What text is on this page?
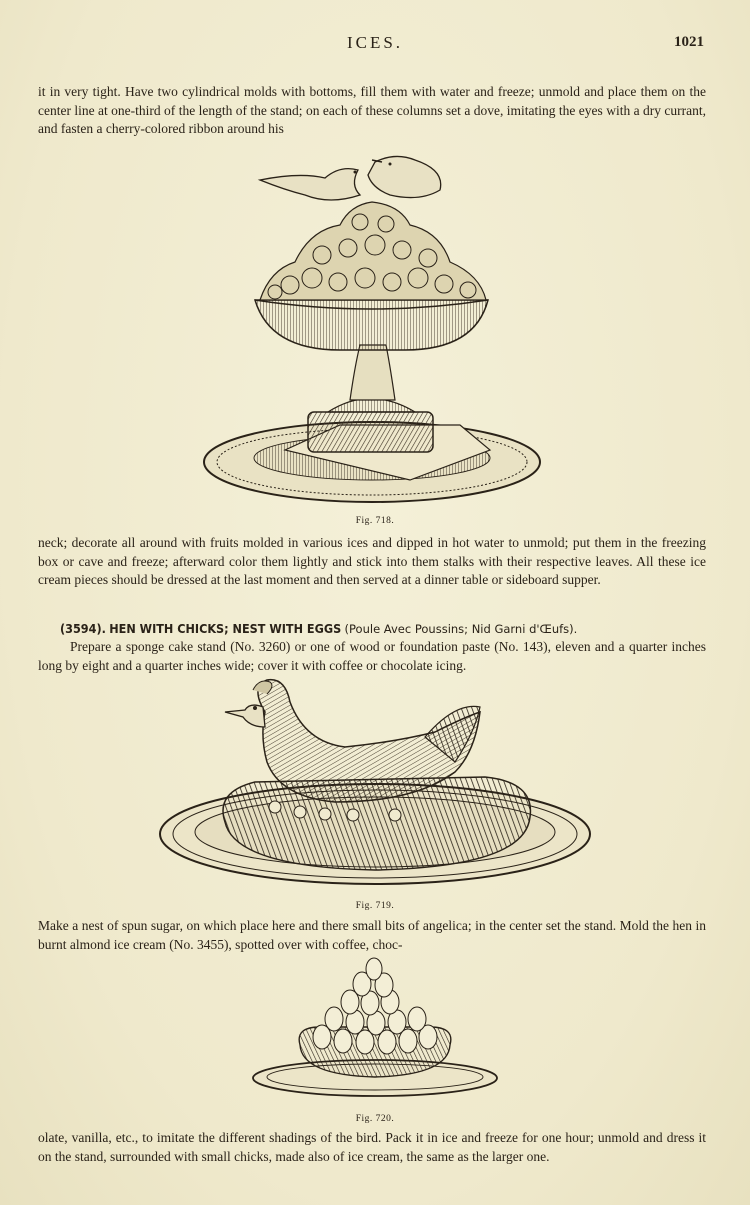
ICES.	1021

it in very tight. Have two cylindrical molds with bottoms, fill them with water and freeze; unmold and place them on the center line at one-third of the length of the stand; on each of these columns set a dove, imitating the eyes with a dry currant, and fasten a cherry-colored ribbon around his

Fig. 718.

neck; decorate all around with fruits molded in various ices and dipped in hot water to unmold; put them in the freezing box or cave and freeze; afterward color them lightly and stick into them stalks with their respective leaves. All these ice cream pieces should be dressed at the last moment and then served at a dinner table or sideboard supper.

(3594). HEN WITH CHICKS; NEST WITH EGGS (Poule Avec Poussins; Nid Garni d'Œufs).

Prepare a sponge cake stand (No. 3260) or one of wood or foundation paste (No. 143), eleven and a quarter inches long by eight and a quarter inches wide; cover it with coffee or chocolate icing.

Fig. 719.

Make a nest of spun sugar, on which place here and there small bits of angelica; in the center set the stand. Mold the hen in burnt almond ice cream (No. 3455), spotted over with coffee, choc-

Fig. 720.

olate, vanilla, etc., to imitate the different shadings of the bird. Pack it in ice and freeze for one hour; unmold and dress it on the stand, surrounded with small chicks, made also of ice cream, the same as the larger one.
